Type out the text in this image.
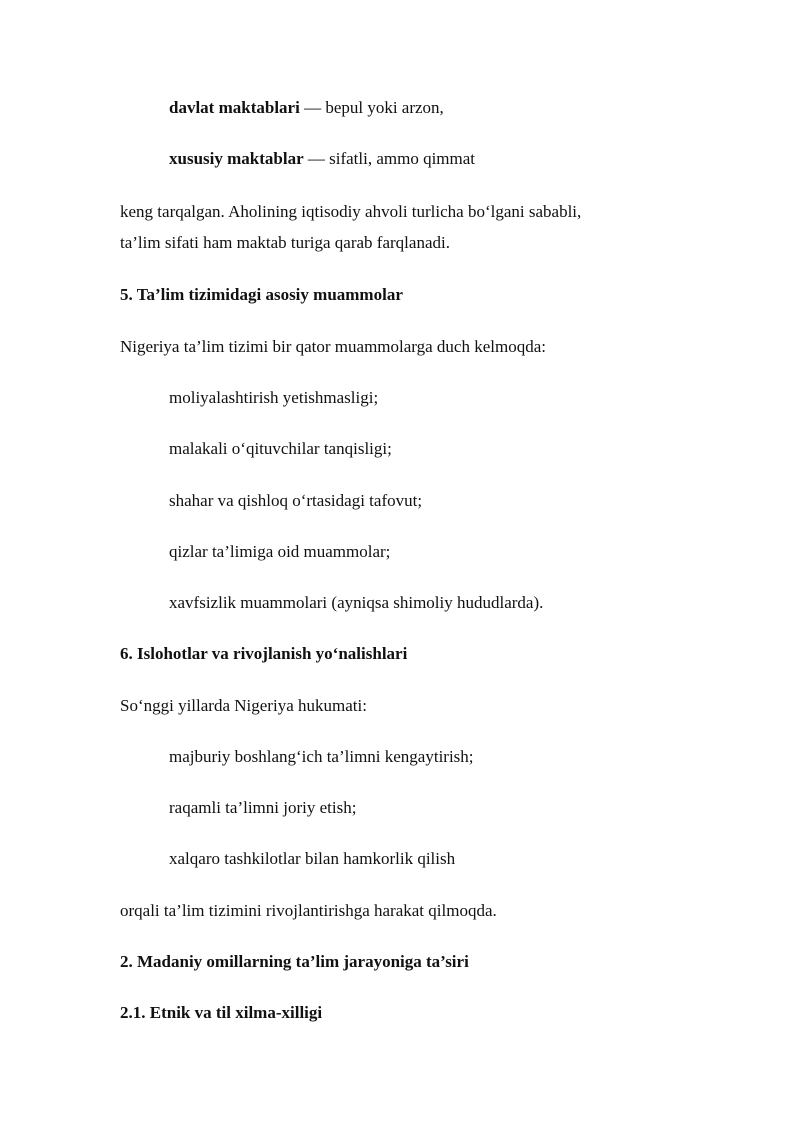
davlat maktablari — bepul yoki arzon,
xususiy maktablar — sifatli, ammo qimmat
keng tarqalgan. Aholining iqtisodiy ahvoli turlicha bo‘lgani sababli,
ta’lim sifati ham maktab turiga qarab farqlanadi.
5. Ta’lim tizimidagi asosiy muammolar
Nigeriya ta’lim tizimi bir qator muammolarga duch kelmoqda:
moliyalashtirish yetishmasligi;
malakali o‘qituvchilar tanqisligi;
shahar va qishloq o‘rtasidagi tafovut;
qizlar ta’limiga oid muammolar;
xavfsizlik muammolari (ayniqsa shimoliy hududlarda).
6. Islohotlar va rivojlanish yo‘nalishlari
So‘nggi yillarda Nigeriya hukumati:
majburiy boshlang‘ich ta’limni kengaytirish;
raqamli ta’limni joriy etish;
xalqaro tashkilotlar bilan hamkorlik qilish
orqali ta’lim tizimini rivojlantirishga harakat qilmoqda.
2. Madaniy omillarning ta’lim jarayoniga ta’siri
2.1. Etnik va til xilma-xilligi
